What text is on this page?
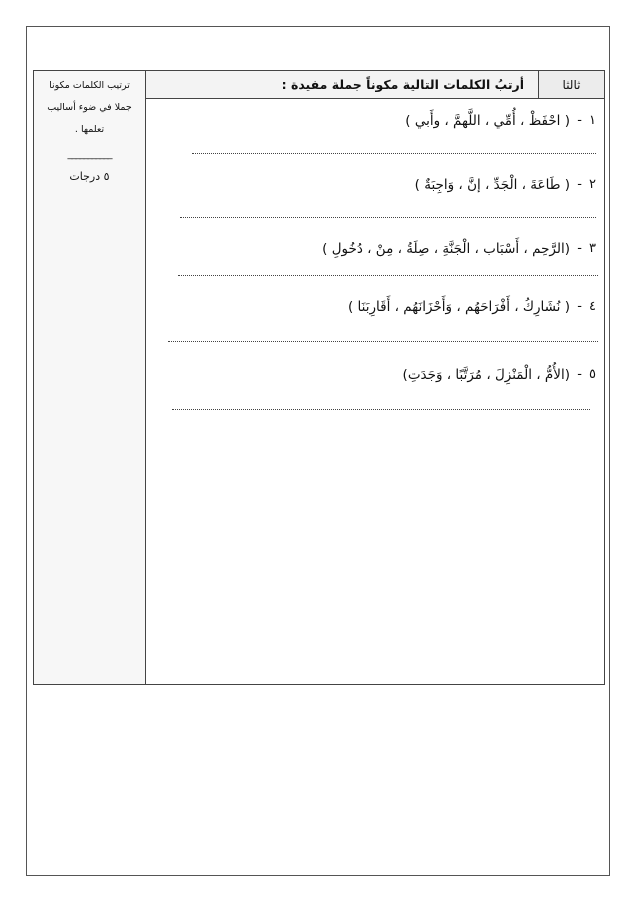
ترتيب الكلمات مكونا جملا في ضوء أساليب تعلمها .
___________
٥ درجات
ثالثا
أرتبُ الكلمات التالية مكوناً جملة مفيدة :
١
-
( احْفَظْ ، أُمِّي ، اللَّهمَّ ، وأَبي )
٢
-
( طَاعَةَ ، الْجَدِّ ، إنَّ ، وَاجِبَةٌ )
٣
-
(الرَّحِم ، أَسْبَاب ، الْجَنَّةِ ، صِلَةُ ، مِنْ ، دُخُولِ )
٤
-
( نُشَارِكُ ، أَفْرَاحَهُم ، وَأَحْزَانَهُم ، أَقَارِبَنَا )
٥
-
(الأُمُّ ، الْمَنْزِلَ ، مُرَتَّبًا ، وَجَدَتِ)
